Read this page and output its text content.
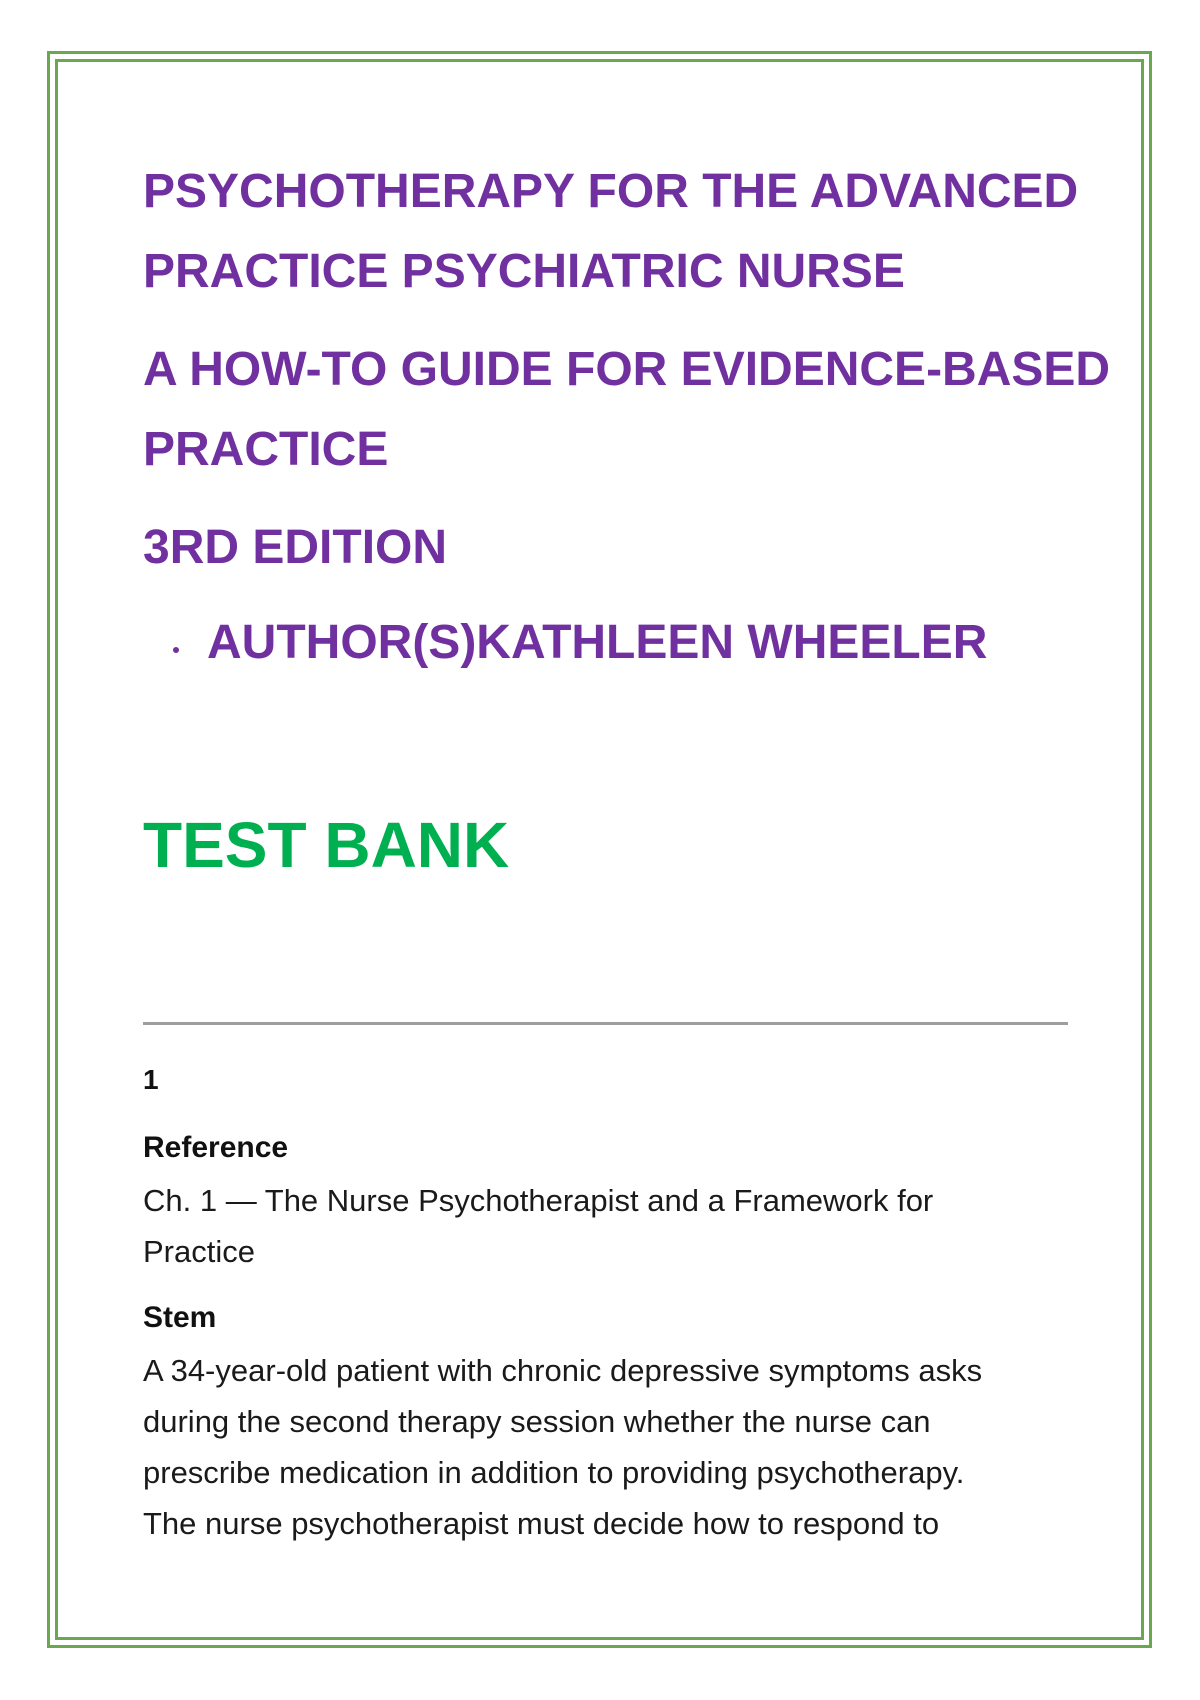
PSYCHOTHERAPY FOR THE ADVANCED
PRACTICE PSYCHIATRIC NURSE
A HOW-TO GUIDE FOR EVIDENCE-BASED
PRACTICE
3RD EDITION
AUTHOR(S)KATHLEEN WHEELER
TEST BANK
1
Reference
Ch. 1 — The Nurse Psychotherapist and a Framework for
Practice
Stem
A 34-year-old patient with chronic depressive symptoms asks
during the second therapy session whether the nurse can
prescribe medication in addition to providing psychotherapy.
The nurse psychotherapist must decide how to respond to
